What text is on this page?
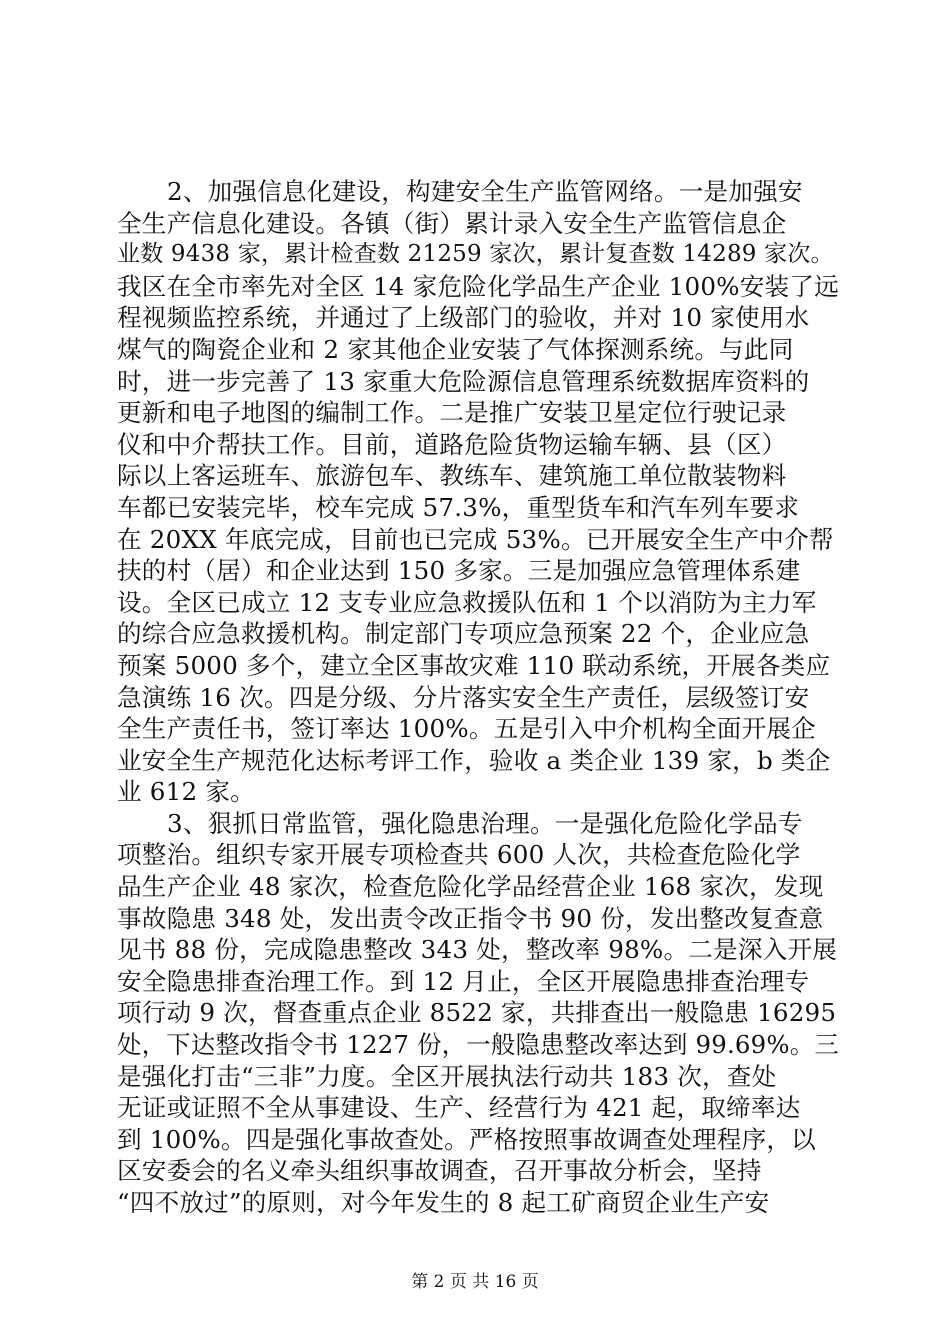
2、加强信息化建设，构建安全生产监管网络。一是加强安
全生产信息化建设。各镇（街）累计录入安全生产监管信息企
业数 9438 家，累计检查数 21259 家次，累计复查数 14289 家次。
我区在全市率先对全区 14 家危险化学品生产企业 100%安装了远
程视频监控系统，并通过了上级部门的验收，并对 10 家使用水
煤气的陶瓷企业和 2 家其他企业安装了气体探测系统。与此同
时，进一步完善了 13 家重大危险源信息管理系统数据库资料的
更新和电子地图的编制工作。二是推广安装卫星定位行驶记录
仪和中介帮扶工作。目前，道路危险货物运输车辆、县（区）
际以上客运班车、旅游包车、教练车、建筑施工单位散装物料
车都已安装完毕，校车完成 57.3%，重型货车和汽车列车要求
在 20XX 年底完成，目前也已完成 53%。已开展安全生产中介帮
扶的村（居）和企业达到 150 多家。三是加强应急管理体系建
设。全区已成立 12 支专业应急救援队伍和 1 个以消防为主力军
的综合应急救援机构。制定部门专项应急预案 22 个，企业应急
预案 5000 多个，建立全区事故灾难 110 联动系统，开展各类应
急演练 16 次。四是分级、分片落实安全生产责任，层级签订安
全生产责任书，签订率达 100%。五是引入中介机构全面开展企
业安全生产规范化达标考评工作，验收 a 类企业 139 家，b 类企
业 612 家。
3、狠抓日常监管，强化隐患治理。一是强化危险化学品专
项整治。组织专家开展专项检查共 600 人次，共检查危险化学
品生产企业 48 家次，检查危险化学品经营企业 168 家次，发现
事故隐患 348 处，发出责令改正指令书 90 份，发出整改复查意
见书 88 份，完成隐患整改 343 处，整改率 98%。二是深入开展
安全隐患排查治理工作。到 12 月止，全区开展隐患排查治理专
项行动 9 次，督查重点企业 8522 家，共排查出一般隐患 16295
处，下达整改指令书 1227 份，一般隐患整改率达到 99.69%。三
是强化打击“三非”力度。全区开展执法行动共 183 次，查处
无证或证照不全从事建设、生产、经营行为 421 起，取缔率达
到 100%。四是强化事故查处。严格按照事故调查处理程序，以
区安委会的名义牵头组织事故调查，召开事故分析会，坚持
“四不放过”的原则，对今年发生的 8 起工矿商贸企业生产安
第 2 页 共 16 页
